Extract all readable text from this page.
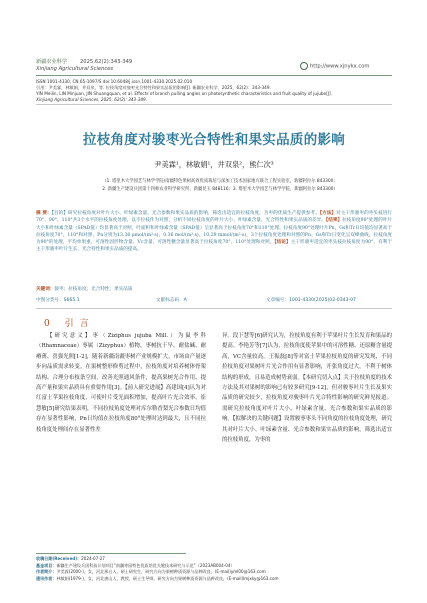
新疆农业科学 2025,62(2):343-349
Xinjiang Agricultural Sciences	http://www.xjnykx.com
ISSN 1001-4330, CN 65-1097/S doi:10.6048/j.issn.1001-4330.2025.02.010
引用：尹美霖，林敏娟，井双泉，等. 拉枝角度对骏枣光合特性和果实品质的影响[J]. 新疆农业科学，2025，62(2)：343-349.
YIN Meilin, LIN Minjuan, JIN Shuangquan, et al. Effects of branch pulling angles on photosynthetic characteristics and fruit quality of jujube[J].
Xinjiang Agricultural Sciences, 2025, 62(2): 343-349.
拉枝角度对骏枣光合特性和果实品质的影响
尹美霖¹，林敏娟¹，井双泉²，熊仁次³
（1. 塔里木大学园艺与林学学院/南疆特色果树高效优质栽培与深加工技术国家地方联合工程实验室，新疆阿拉尔 843300；
2. 新疆生产建设兵团第十四师农业科学研究所，新疆昆玉 848116；3. 塔里木大学园艺与林学学院，新疆阿拉尔 843300）
摘 要：【目的】研究拉枝角度对叶片大小、叶绿素含量、光合参数和果实品质的影响，筛选出适宜的拉枝角度，为枣的优质生产提供参考。【方法】对主干形骏枣的枣头枝进行70°、90°、110°共3个水平的拉枝角度处理，以不拉枝作为对照，分析不同拉枝角度的叶片大小、叶绿素含量、光合特性和果实品质的差异。【结果】拉枝角度90°处理的叶片大小和叶绿素含量（SPAD值）均显著高于对照，叶面积和叶绿素含量（SPAD值）呈显著高于拉枝角度70°和110°处理。拉枝角度90°处理叶片Pn、Gs和Tr日均值均显著高于拉枝角度70°、110°和对照，Pn分别为13.36 μmol/(m²·s)、0.36 mol/(m²·s)、10.29 mmol/(m²·s)，3个拉枝角度处理和对照的Pn、Gs和Tr日变化呈双峰曲线。拉枝角度为90°的处理，平均单果重、可溶性固形物含量、Vc含量、可溶性糖含量显著高于拉枝角度70°、110°处理和对照。【结论】主干形骏枣适宜的枣头枝拉枝角度为90°，有利于主干形骏枣叶片生长、光合特性和果实品质的提高。
关键词：骏枣；拉枝角度；光合特性；果实品质
中图分类号：S665.1	文献标志码：A	文章编号：1001-4330(2025)02-0343-07
0 引言
【研究意义】枣（Ziziphus jujuba Mill.）为鼠李科（Rhamnaceae）枣属（Zizyphus）植物，枣树抗干旱、耐盐碱、耐瘠薄、喜强光照[1-2]，随着新疆南疆枣树产业规模扩大，市场由产量逐步向品质需求转变。在果树整形修剪过程中，拉枝角度对培养树体骨架结构、合理分布枝条空间，改善光照通风条件，提高果树光合作用、提高产量和果实品质具有重要作用[3]。【前人研究进展】高建国[4]认为对红富士苹果拉枝角度，可使叶片受光面积增加，提高叶片光合效率。崔慧敏[5]研究结果表明，不同拉枝角度处理对库尔勒香梨光合参数日均值存在显著性影响，Pn日均值在拉枝角度80°处理时达到最大，且不同拉枝角度处理间存在显著性差
异。段下慧等[6]研究认为，拉枝角度有利于苹果叶片生长发育和果品的提高。李艳芳等[7]认为，拉枝角度使苹果中的可溶性糖、还原糖含量提高，VC含量较高。王振磊[8]等对富士苹果拉枝角度的研究发现，不同拉枝角度对果树叶片光合作用有显著影响，开张角度过大，不利于树体结构的形成，且易造成树势衰弱。【本研究切入点】关于拉枝角度的技术方法及其对果树的影响已有较多研究[9-12]，但对骏枣叶片生长及果实品质的研究较少，拉枝角度对骏枣叶片光合特性影响的研究鲜见报道。需研究拉枝角度对叶片大小、叶绿素含量、光合参数和果实品质的影响。【拟解决的关键问题】设置骏枣枣头不同角度的拉枝角度处理，研究其对叶片大小、叶绿素含量、光合参数和果实品质的影响，筛选出适宜的拉枝角度，为枣的
收稿日期(Received)：2024-07-27
基金项目：新疆生产建设兵团科技计划项目“南疆枣园特色优质培优关键技术研究与示范”（2023AB004-04）
作者简介：尹美霖(2000-)，女，河北邢台人，硕士研究生，研究方向为果树种质资源与品种改良，(E-mail)yml00@163.com
通讯作者：林敏娟(1979-)，女，河北唐山人，教授，硕士生导师，研究方向为果树种质资源与品种改良，(E-mail)lmjxky@163.com
